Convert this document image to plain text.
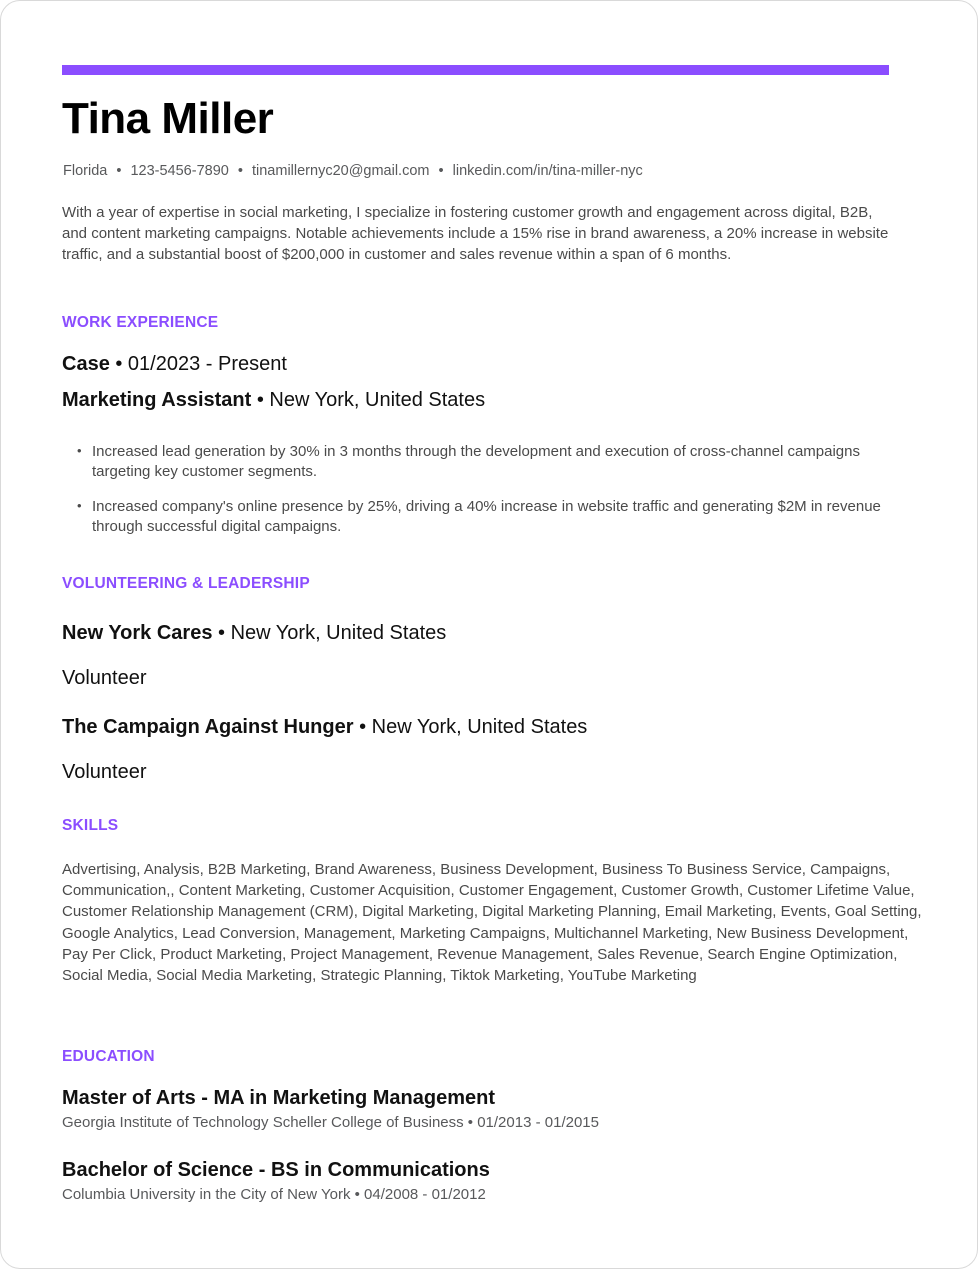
Tina Miller
Florida • 123-5456-7890 • tinamillernyc20@gmail.com • linkedin.com/in/tina-miller-nyc
With a year of expertise in social marketing, I specialize in fostering customer growth and engagement across digital, B2B, and content marketing campaigns. Notable achievements include a 15% rise in brand awareness, a 20% increase in website traffic, and a substantial boost of $200,000 in customer and sales revenue within a span of 6 months.
WORK EXPERIENCE
Case • 01/2023 - Present
Marketing Assistant • New York, United States
• Increased lead generation by 30% in 3 months through the development and execution of cross-channel campaigns targeting key customer segments.
• Increased company's online presence by 25%, driving a 40% increase in website traffic and generating $2M in revenue through successful digital campaigns.
VOLUNTEERING & LEADERSHIP
New York Cares • New York, United States
Volunteer
The Campaign Against Hunger • New York, United States
Volunteer
SKILLS
Advertising, Analysis, B2B Marketing, Brand Awareness, Business Development, Business To Business Service, Campaigns, Communication,, Content Marketing, Customer Acquisition, Customer Engagement, Customer Growth, Customer Lifetime Value, Customer Relationship Management (CRM), Digital Marketing, Digital Marketing Planning, Email Marketing, Events, Goal Setting, Google Analytics, Lead Conversion, Management, Marketing Campaigns, Multichannel Marketing, New Business Development, Pay Per Click, Product Marketing, Project Management, Revenue Management, Sales Revenue, Search Engine Optimization, Social Media, Social Media Marketing, Strategic Planning, Tiktok Marketing, YouTube Marketing
EDUCATION
Master of Arts - MA in Marketing Management
Georgia Institute of Technology Scheller College of Business • 01/2013 - 01/2015
Bachelor of Science - BS in Communications
Columbia University in the City of New York • 04/2008 - 01/2012
